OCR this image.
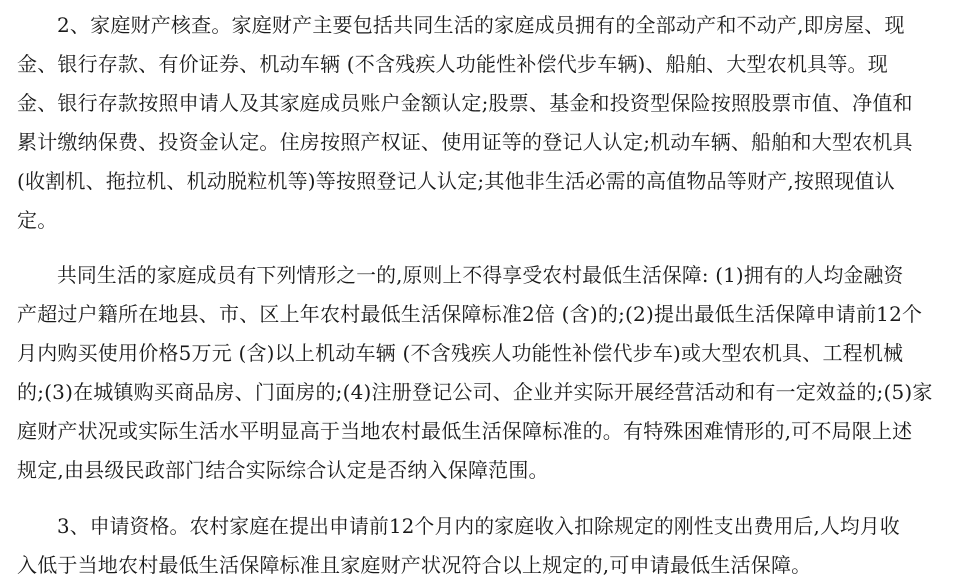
2、家庭财产核查。家庭财产主要包括共同生活的家庭成员拥有的全部动产和不动产,即房屋、现
金、银行存款、有价证券、机动车辆 (不含残疾人功能性补偿代步车辆)、船舶、大型农机具等。现
金、银行存款按照申请人及其家庭成员账户金额认定;股票、基金和投资型保险按照股票市值、净值和
累计缴纳保费、投资金认定。住房按照产权证、使用证等的登记人认定;机动车辆、船舶和大型农机具
(收割机、拖拉机、机动脱粒机等)等按照登记人认定;其他非生活必需的高值物品等财产,按照现值认
定。

共同生活的家庭成员有下列情形之一的,原则上不得享受农村最低生活保障: (1)拥有的人均金融资
产超过户籍所在地县、市、区上年农村最低生活保障标准2倍 (含)的;(2)提出最低生活保障申请前12个
月内购买使用价格5万元 (含)以上机动车辆 (不含残疾人功能性补偿代步车)或大型农机具、工程机械
的;(3)在城镇购买商品房、门面房的;(4)注册登记公司、企业并实际开展经营活动和有一定效益的;(5)家
庭财产状况或实际生活水平明显高于当地农村最低生活保障标准的。有特殊困难情形的,可不局限上述
规定,由县级民政部门结合实际综合认定是否纳入保障范围。

3、申请资格。农村家庭在提出申请前12个月内的家庭收入扣除规定的刚性支出费用后,人均月收
入低于当地农村最低生活保障标准且家庭财产状况符合以上规定的,可申请最低生活保障。
